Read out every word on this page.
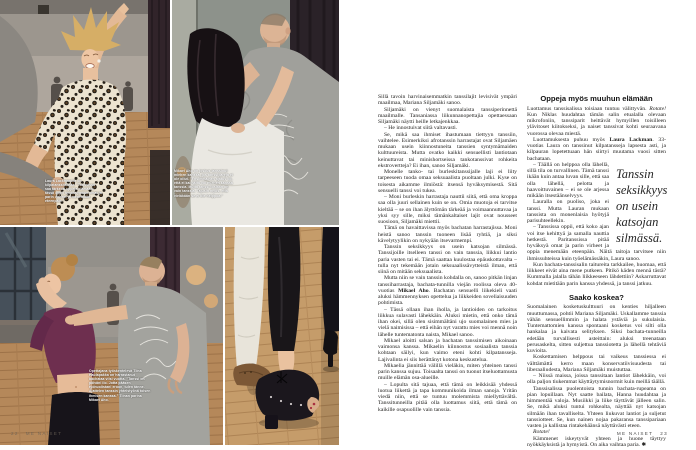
Laura Lackmanilla on kilpatanssitausta. "Tanssissa saa tärkeitä oppeja elämään: tässä oppii hyväksymään omat ja parin virheet ja menemään eteenpäin."
Mikael Aho on joskus tanssinut miehen kanssa, jos tanssipareja ei ole ollut. "Ensimmäinen ajatus oli, että ei kai näitä voi miehen kanssa tanssia. Mutta tanssi tosiaan on vain tanssia. Tajusin myös, että vieläkään se ei ole helppoa."
Opettajana työskentelevä Tiina Haulapakka on harrastanut bachataa viisi vuotta. "Tanssi on päiväni ilo. Jotta pääsen työhuolistani eroon, tulen tänne. Ajattelen tanssin yhteistyönä toisen ihmisen kanssa." Tiinan parina Mikael Aho.
22 ME NAISET

Sillä tavoin harvinaisemmatkin tanssilajit levisivät ympäri maailmaa, Mariana Siljamäki sanoo.

Siljamäki on vienyt suomalaista tanssiperinnettä maailmalle. Tansaniassa liikunnanopettajia opettaessaan Siljamäki näytti heille letkajenkkaa.

– He innostuivat siitä valtavasti.

Se, mikä saa ihmiset ihastumaan tiettyyn tanssiin, vaihtelee. Esimerkiksi afrotanssin harrastajat ovat Siljamäen mukaan usein kiinnostuneita tanssien syntymämaiden kulttuureista. Mutta ovatko kaikki sensuellisti lantiotaan keinuttavat tai minishortseissa tankotanssivat rohkeita ekstrovertteja? Ei ihan, sanoo Siljamäki.

Monelle tanko- tai burleskitanssijalle laji ei liity tarpeeseen tuoda omaa seksuaalista puoltaan julki. Kyse on toisesta aikamme ilmiöstä: itsensä hyväksymisestä. Sitä sensuelli tanssi voi tukea.

– Moni burleskin harrastaja nauttii siitä, että oma kroppa saa olla juuri sellainen kuin se on. Omia muotoja ei tarvitse kieltää – se on ihan älyttömän tärkeää ja voimaannuttavaa ja yksi syy sille, miksi tämänkaltaiset lajit ovat nousseet suosioon, Siljamäki miettii.

Tämä on havaittavissa myös bachatan harrastajissa. Moni heistä sanoo tanssin tuoneen lisää ryhtiä, ja siksi kävelytyylikin on nykyään itsevarmempi.

Tanssin seksikkyys on usein katsojan silmässä. Tanssijoille itselleen tanssi on vain tanssia, liikkui lantio paria vasten tai ei. Tämä saattaa kuulostaa epäuskottavalta – tulla nyt tekemään jotain seksuaalissävytteistä ilman, että siinä on mitään seksuaalista.

Mutta niin se vain tanssin kohdalla on, sanoo pitkän linjan tanssiharrastaja, bachata-tunnilla viejän roolissa oleva 40-vuotias Mikael Aho. Bachatan sensuelli liikekieli vaati aluksi hämmennyksen opettelua ja liikkeiden soveliaisuuden pohtimista.

– Tässä ollaan ihan iholla, ja lantioiden on tarkoitus liikkua sulavasti lähekkäin. Aluksi mietin, että onko tämä ihan okei, sillä olen sisimmältäni ujo suomalainen mies ja vielä naimisissa – että eihän nyt varattu mies voi mennä noin lähelle tuntematonta naista, Mikael sanoo.

Mikael aloitti salsan ja bachatan tanssimisen aikoinaan vaimonsa kanssa. Mikaelin kiinnostus sosiaalista tanssia kohtaan säilyi, kun vaimo eteni kohti kilpatansseja. Lajivalinta ei siis herättänyt kotona keskustelua.

Mikaelia jännittää välillä vieläkin, miten yhteinen tanssi parin kanssa sujuu. Toisaalta tanssi on tuonut itseluottamusta muille elämän osa-alueille.

– Lopulta sitä tajuaa, että tämä on leikkisää yhdessä luotua liikettä ja tapa kommunikoida ilman sanoja. Yritän viedä niin, että se tuntuu molemmista miellyttävältä. Tanssitunneilla pitää olla luottamus siitä, että tämä on kaikille osapuolille vain tanssia.

Oppeja myös muuhun elämään

Luottamus tanssisalissa toisiaan tuntuu välittyvän. Rotate! Kun Niklas huudahtaa tämän salin etualalla olevaan mikrofoniin, tanssiparit heittävät hymyillen toisilleen ylävitoset kiitokseksi, ja naiset tanssivat kohti seuraavana vuorossa olevaa miestä.

Luottamuksesta puhuu myös Laura Lackman. 33-vuotias Laura on tanssinut kilpatansseja lapsesta asti, ja kilpauran lopetettuaan hän siirtyi muutama vuosi sitten bachataan.

Tanssin seksikkyys on usein katsojan silmässä.

– Täällä on helppoa olla lähellä, sillä tila on turvallinen. Tämä tanssi ikään kuin antaa luvan sille, että saa olla lähellä, pelotta ja haavoittuvainen – ei se ole arjessa mikään itsestäänselvyys.

Lauralla on puoliso, joka ei tanssi. Mutta Lauran mukaan tanssista on monenlaisia hyötyjä parisuhteellekin.

– Tanssissa oppii, että koko ajan voi itse kehittyä ja samalla nauttia hetkestä. Paritanssissa pitää hyväksyä omat ja parin virheet ja oppia menemään eteenpäin. Näitä taitoja tarvitsee niin ihmissuhteissa kuin työelämässäkin, Laura sanoo.

Kun bachata-tanssisalin taitureita tarkkailee, huomaa, että liikkeet eivät aina mene putkeen. Pitikö käden mennä tästä? Kummalla jalalla tähän liikkeeseen lähdettiin? Askarruttavat kohdat mietitään parin kanssa yhdessä, ja tanssi jatkuu.

Saako koskea?

Suomalainen kosketuskulttuuri on kenties hiljalleen muuttumassa, pohtii Mariana Siljamäki. Uskallamme tanssia vähän sensuellimmin ja halata ystäviä ja sukulaisia. Tuntemattomien kanssa spontaani kosketus voi silti olla hankalaa ja kaivata selityksen. Siksi bachata-tunneilla edetään turvallisesti asteittain: aluksi treenataan perusaskelta, sitten suljettua tanssiotetta ja lähellä tehtäviä kuvioita.

Koskettamisen helppous tai vaikeus tanssiessa ei välttämättä kerro maan konservatiivisuudesta tai liberaaliudesta, Mariana Siljamäki muistuttaa.

– Niissä maissa, joissa tanssitaan lantiot lähekkäin, voi olla paljon tiukemmat käyttäytymisnormit kuin meillä täällä.

Tanssisalissa puolentoista tunnin bachata-rupeama on pian lopuillaan. Nyt saatte bailata, Hanna huudahtaa ja himmentää valoja. Musiikki ja liike täyttävät jälleen salin. Se, mikä aluksi tuntui rohkealta, näyttää nyt katsojan silmään ihan tavalliselta. Yhteen liukuvat lantiot ja suljetut tanssiotteet. Se, kun nainen nojaa pakaransa tanssipariaan vasten ja kallistaa rintakehäänsä näyttävästi eteen.

Rotate!

Kämmenet iskeytyvät yhteen ja huone täyttyy nyökkäyksistä ja hymyistä. On aika vaihtaa paria. ✱

ME NAISET 23
